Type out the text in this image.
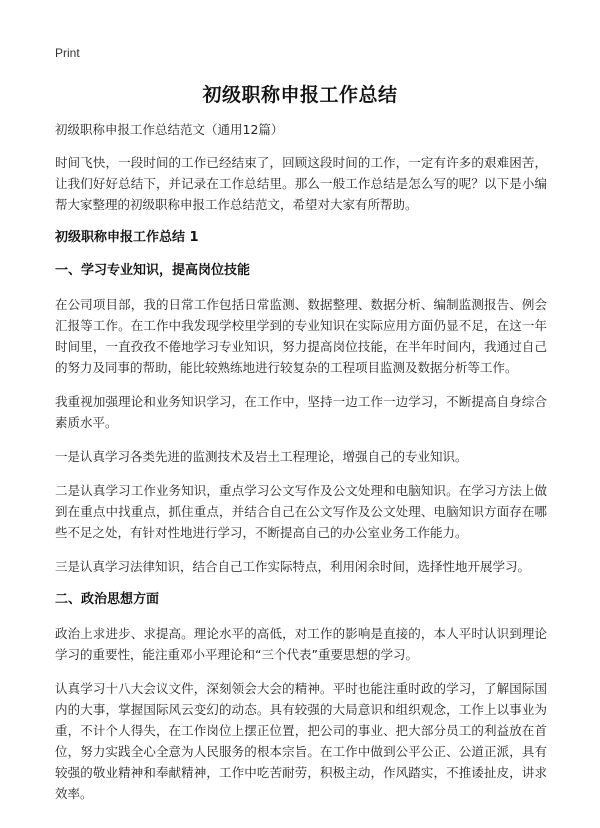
Print
初级职称申报工作总结

初级职称申报工作总结范文（通用12篇）

时间飞快，一段时间的工作已经结束了，回顾这段时间的工作，一定有许多的艰难困苦，让我们好好总结下，并记录在工作总结里。那么一般工作总结是怎么写的呢？以下是小编帮大家整理的初级职称申报工作总结范文，希望对大家有所帮助。

初级职称申报工作总结 1

一、学习专业知识，提高岗位技能

在公司项目部，我的日常工作包括日常监测、数据整理、数据分析、编制监测报告、例会汇报等工作。在工作中我发现学校里学到的专业知识在实际应用方面仍显不足，在这一年时间里，一直孜孜不倦地学习专业知识，努力提高岗位技能，在半年时间内，我通过自己的努力及同事的帮助，能比较熟练地进行较复杂的工程项目监测及数据分析等工作。

我重视加强理论和业务知识学习，在工作中，坚持一边工作一边学习，不断提高自身综合素质水平。

一是认真学习各类先进的监测技术及岩土工程理论，增强自己的专业知识。

二是认真学习工作业务知识，重点学习公文写作及公文处理和电脑知识。在学习方法上做到在重点中找重点，抓住重点，并结合自己在公文写作及公文处理、电脑知识方面存在哪些不足之处，有针对性地进行学习，不断提高自己的办公室业务工作能力。

三是认真学习法律知识，结合自己工作实际特点，利用闲余时间，选择性地开展学习。

二、政治思想方面

政治上求进步、求提高。理论水平的高低，对工作的影响是直接的，本人平时认识到理论学习的重要性，能注重邓小平理论和“三个代表”重要思想的学习。

认真学习十八大会议文件，深刻领会大会的精神。平时也能注重时政的学习，了解国际国内的大事，掌握国际风云变幻的动态。具有较强的大局意识和组织观念，工作上以事业为重，不计个人得失，在工作岗位上摆正位置，把公司的事业、把大部分员工的利益放在首位，努力实践全心全意为人民服务的根本宗旨。在工作中做到公平公正、公道正派，具有较强的敬业精神和奉献精神，工作中吃苦耐劳，积极主动，作风踏实，不推诿扯皮，讲求效率。
